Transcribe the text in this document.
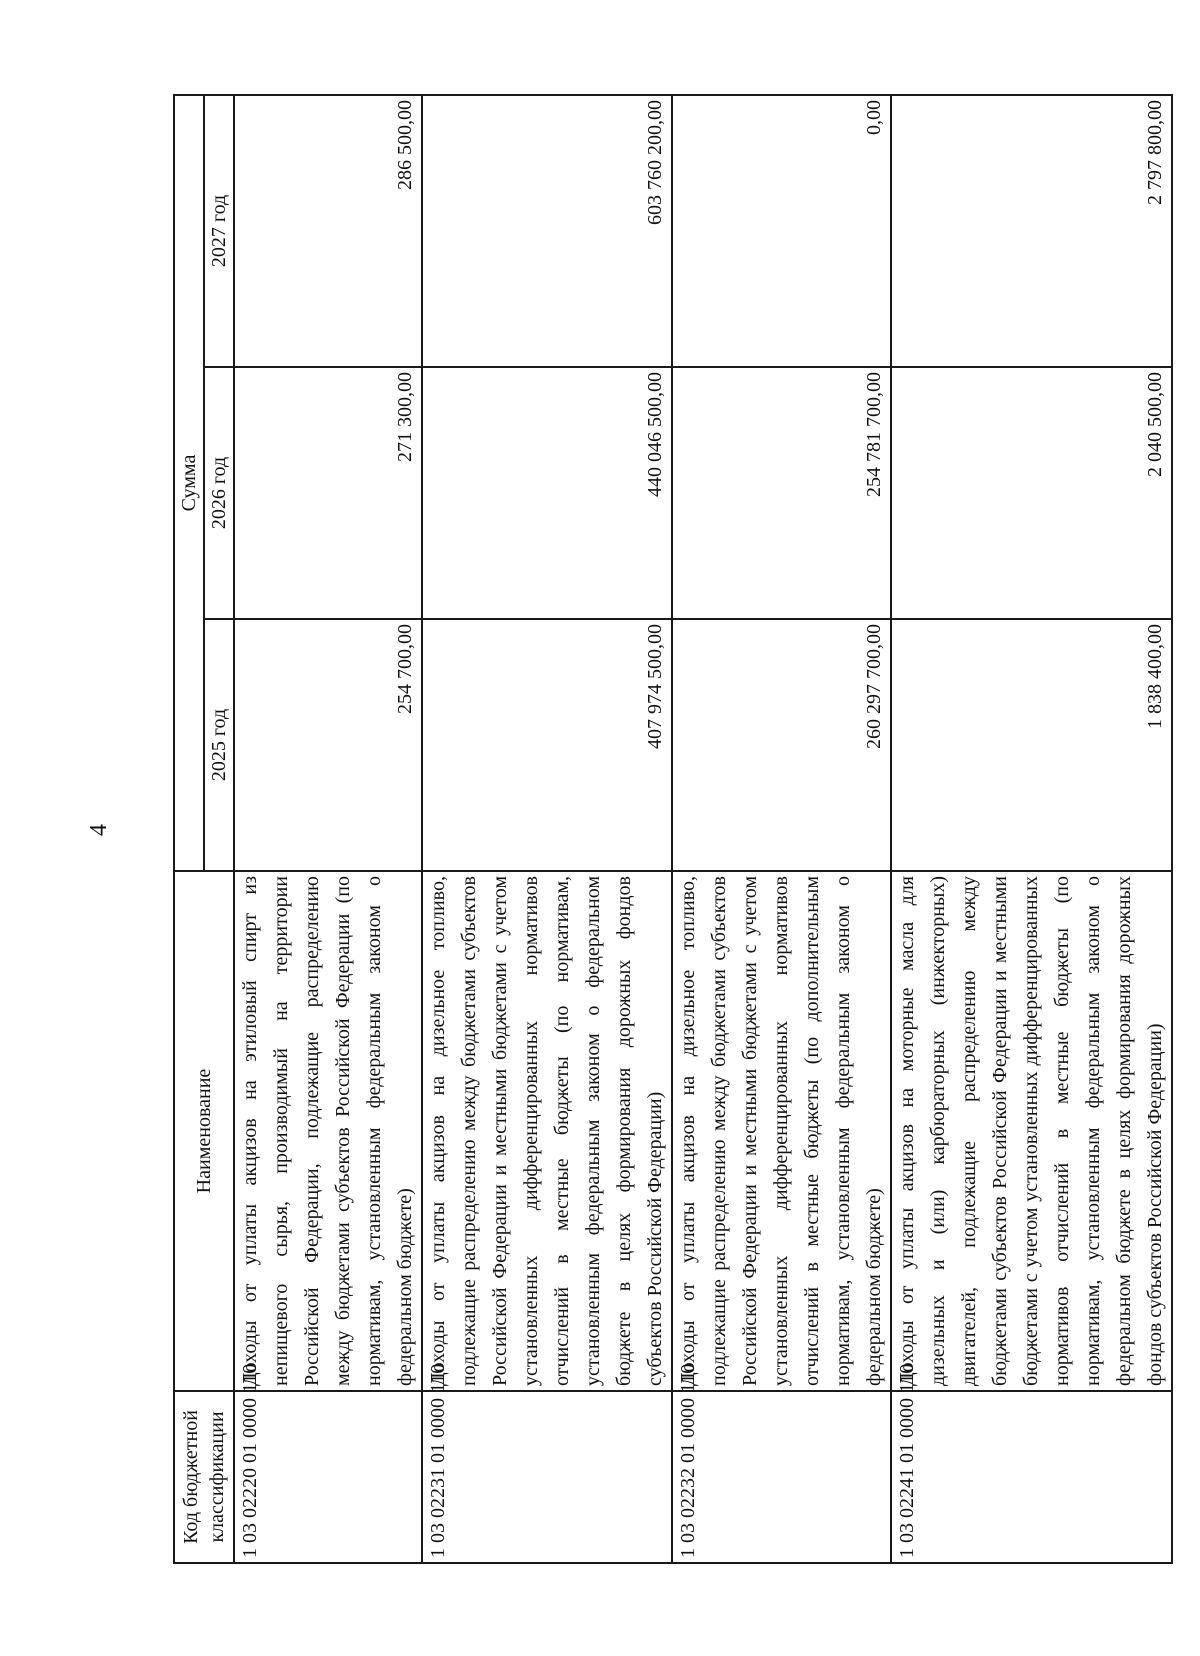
4
Код бюджетной классификации	Наименование	Сумма		
		2025 год	2026 год	2027 год
1 03 02220 01 0000 110	Доходы от уплаты акцизов на этиловый спирт из непищевого сырья, производимый на территории Российской Федерации, подлежащие распределению между бюджетами субъектов Российской Федерации (по нормативам, установленным федеральным законом о федеральном бюджете)	254 700,00	271 300,00	286 500,00
1 03 02231 01 0000 110	Доходы от уплаты акцизов на дизельное топливо, подлежащие распределению между бюджетами субъектов Российской Федерации и местными бюджетами с учетом установленных дифференцированных нормативов отчислений в местные бюджеты (по нормативам, установленным федеральным законом о федеральном бюджете в целях формирования дорожных фондов субъектов Российской Федерации)	407 974 500,00	440 046 500,00	603 760 200,00
1 03 02232 01 0000 110	Доходы от уплаты акцизов на дизельное топливо, подлежащие распределению между бюджетами субъектов Российской Федерации и местными бюджетами с учетом установленных дифференцированных нормативов отчислений в местные бюджеты (по дополнительным нормативам, установленным федеральным законом о федеральном бюджете)	260 297 700,00	254 781 700,00	0,00
1 03 02241 01 0000 110	Доходы от уплаты акцизов на моторные масла для дизельных и (или) карбюраторных (инжекторных) двигателей, подлежащие распределению между бюджетами субъектов Российской Федерации и местными бюджетами с учетом установленных дифференцированных нормативов отчислений в местные бюджеты (по нормативам, установленным федеральным законом о федеральном бюджете в целях формирования дорожных фондов субъектов Российской Федерации)	1 838 400,00	2 040 500,00	2 797 800,00
